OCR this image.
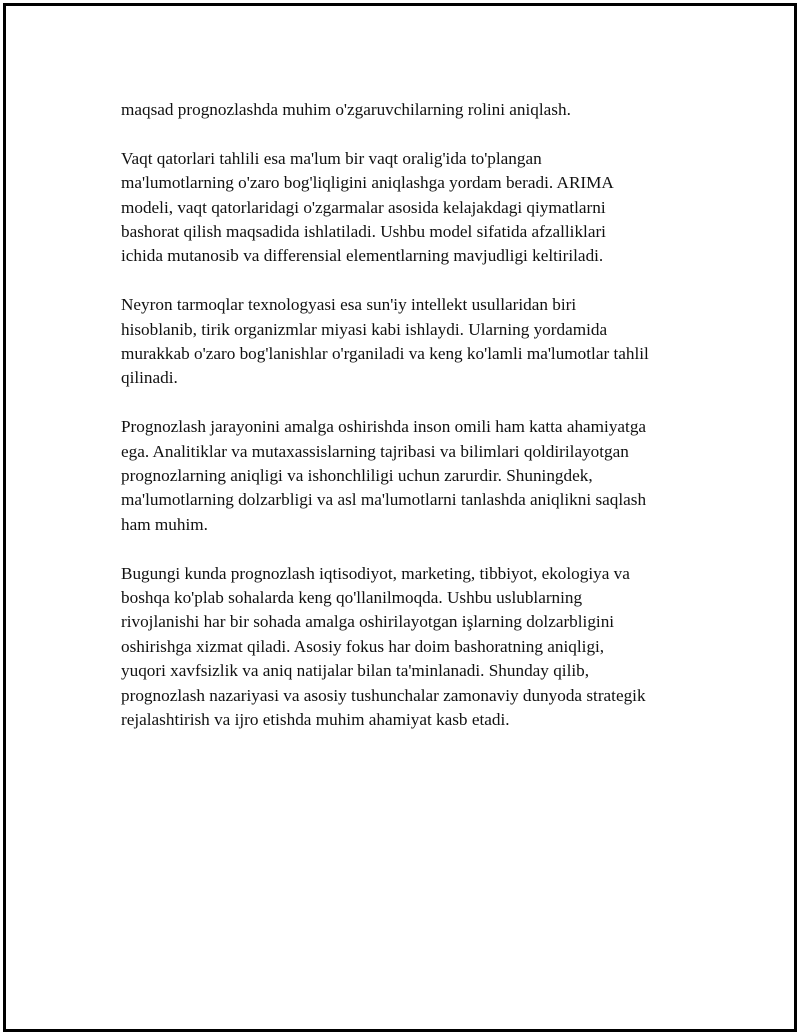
maqsad prognozlashda muhim o'zgaruvchilarning rolini aniqlash.

Vaqt qatorlari tahlili esa ma'lum bir vaqt oralig'ida to'plangan
ma'lumotlarning o'zaro bog'liqligini aniqlashga yordam beradi. ARIMA
modeli, vaqt qatorlaridagi o'zgarmalar asosida kelajakdagi qiymatlarni
bashorat qilish maqsadida ishlatiladi. Ushbu model sifatida afzalliklari
ichida mutanosib va differensial elementlarning mavjudligi keltiriladi.

Neyron tarmoqlar texnologyasi esa sun'iy intellekt usullaridan biri
hisoblanib, tirik organizmlar miyasi kabi ishlaydi. Ularning yordamida
murakkab o'zaro bog'lanishlar o'rganiladi va keng ko'lamli ma'lumotlar tahlil
qilinadi.

Prognozlash jarayonini amalga oshirishda inson omili ham katta ahamiyatga
ega. Analitiklar va mutaxassislarning tajribasi va bilimlari qoldirilayotgan
prognozlarning aniqligi va ishonchliligi uchun zarurdir. Shuningdek,
ma'lumotlarning dolzarbligi va asl ma'lumotlarni tanlashda aniqlikni saqlash
ham muhim.

Bugungi kunda prognozlash iqtisodiyot, marketing, tibbiyot, ekologiya va
boshqa ko'plab sohalarda keng qo'llanilmoqda. Ushbu uslublarning
rivojlanishi har bir sohada amalga oshirilayotgan işlarning dolzarbligini
oshirishga xizmat qiladi. Asosiy fokus har doim bashoratning aniqligi,
yuqori xavfsizlik va aniq natijalar bilan ta'minlanadi. Shunday qilib,
prognozlash nazariyasi va asosiy tushunchalar zamonaviy dunyoda strategik
rejalashtirish va ijro etishda muhim ahamiyat kasb etadi.
